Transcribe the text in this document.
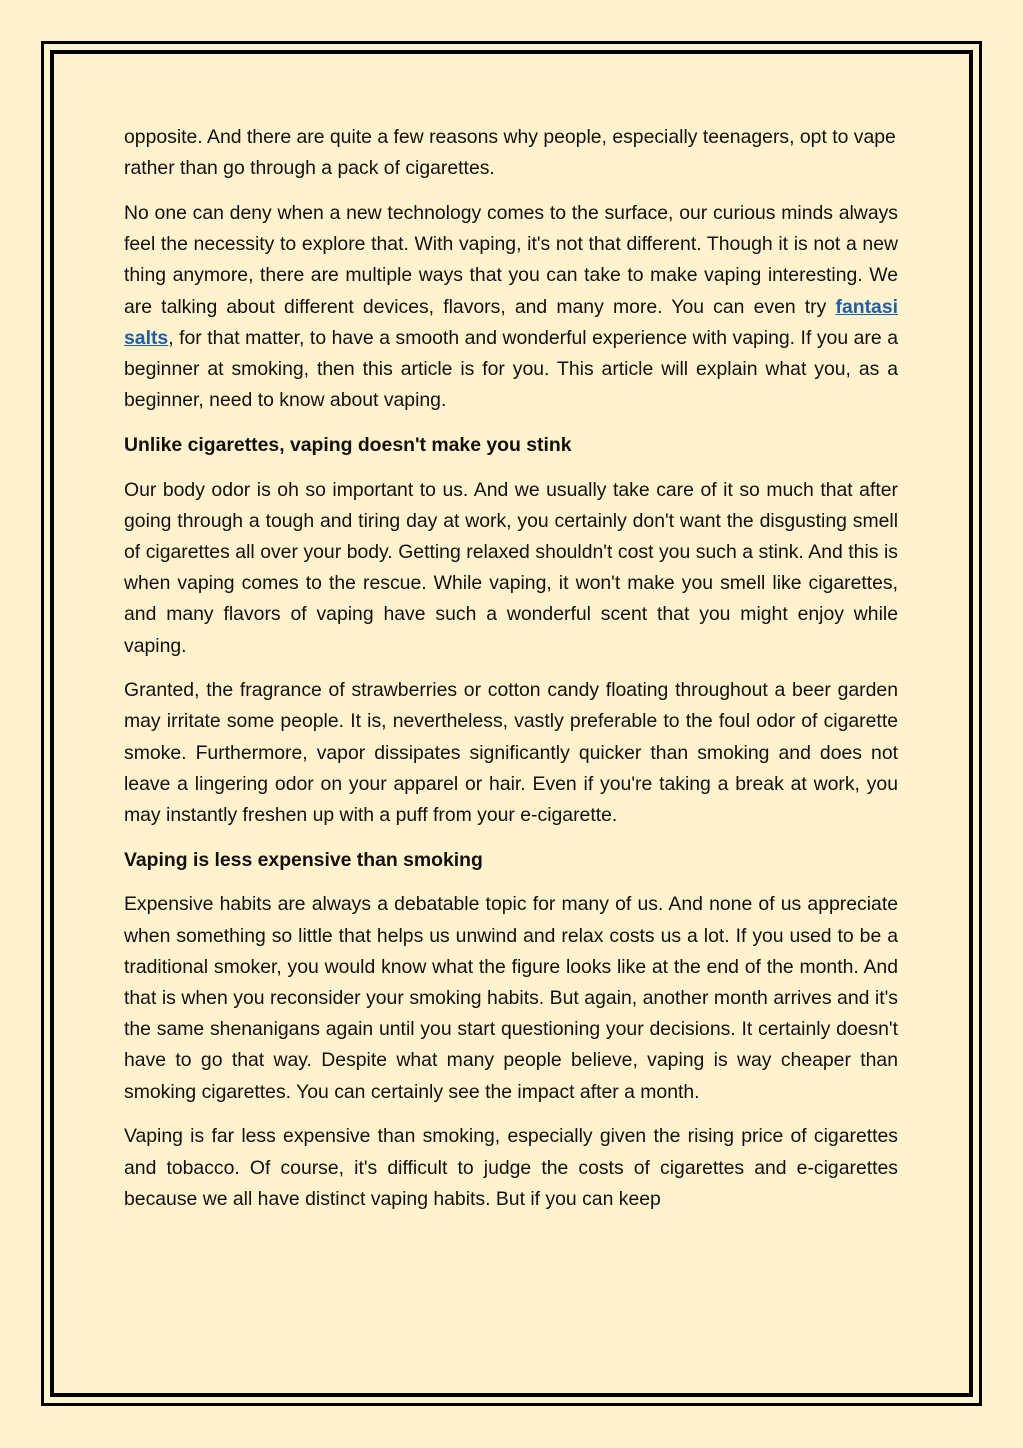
opposite. And there are quite a few reasons why people, especially teenagers, opt to vape rather than go through a pack of cigarettes.

No one can deny when a new technology comes to the surface, our curious minds always feel the necessity to explore that. With vaping, it's not that different. Though it is not a new thing anymore, there are multiple ways that you can take to make vaping interesting. We are talking about different devices, flavors, and many more. You can even try fantasi salts, for that matter, to have a smooth and wonderful experience with vaping. If you are a beginner at smoking, then this article is for you. This article will explain what you, as a beginner, need to know about vaping.

Unlike cigarettes, vaping doesn't make you stink

Our body odor is oh so important to us. And we usually take care of it so much that after going through a tough and tiring day at work, you certainly don't want the disgusting smell of cigarettes all over your body. Getting relaxed shouldn't cost you such a stink. And this is when vaping comes to the rescue. While vaping, it won't make you smell like cigarettes, and many flavors of vaping have such a wonderful scent that you might enjoy while vaping.

Granted, the fragrance of strawberries or cotton candy floating throughout a beer garden may irritate some people. It is, nevertheless, vastly preferable to the foul odor of cigarette smoke. Furthermore, vapor dissipates significantly quicker than smoking and does not leave a lingering odor on your apparel or hair. Even if you're taking a break at work, you may instantly freshen up with a puff from your e-cigarette.

Vaping is less expensive than smoking

Expensive habits are always a debatable topic for many of us. And none of us appreciate when something so little that helps us unwind and relax costs us a lot. If you used to be a traditional smoker, you would know what the figure looks like at the end of the month. And that is when you reconsider your smoking habits. But again, another month arrives and it's the same shenanigans again until you start questioning your decisions. It certainly doesn't have to go that way. Despite what many people believe, vaping is way cheaper than smoking cigarettes. You can certainly see the impact after a month.

Vaping is far less expensive than smoking, especially given the rising price of cigarettes and tobacco. Of course, it's difficult to judge the costs of cigarettes and e-cigarettes because we all have distinct vaping habits. But if you can keep
